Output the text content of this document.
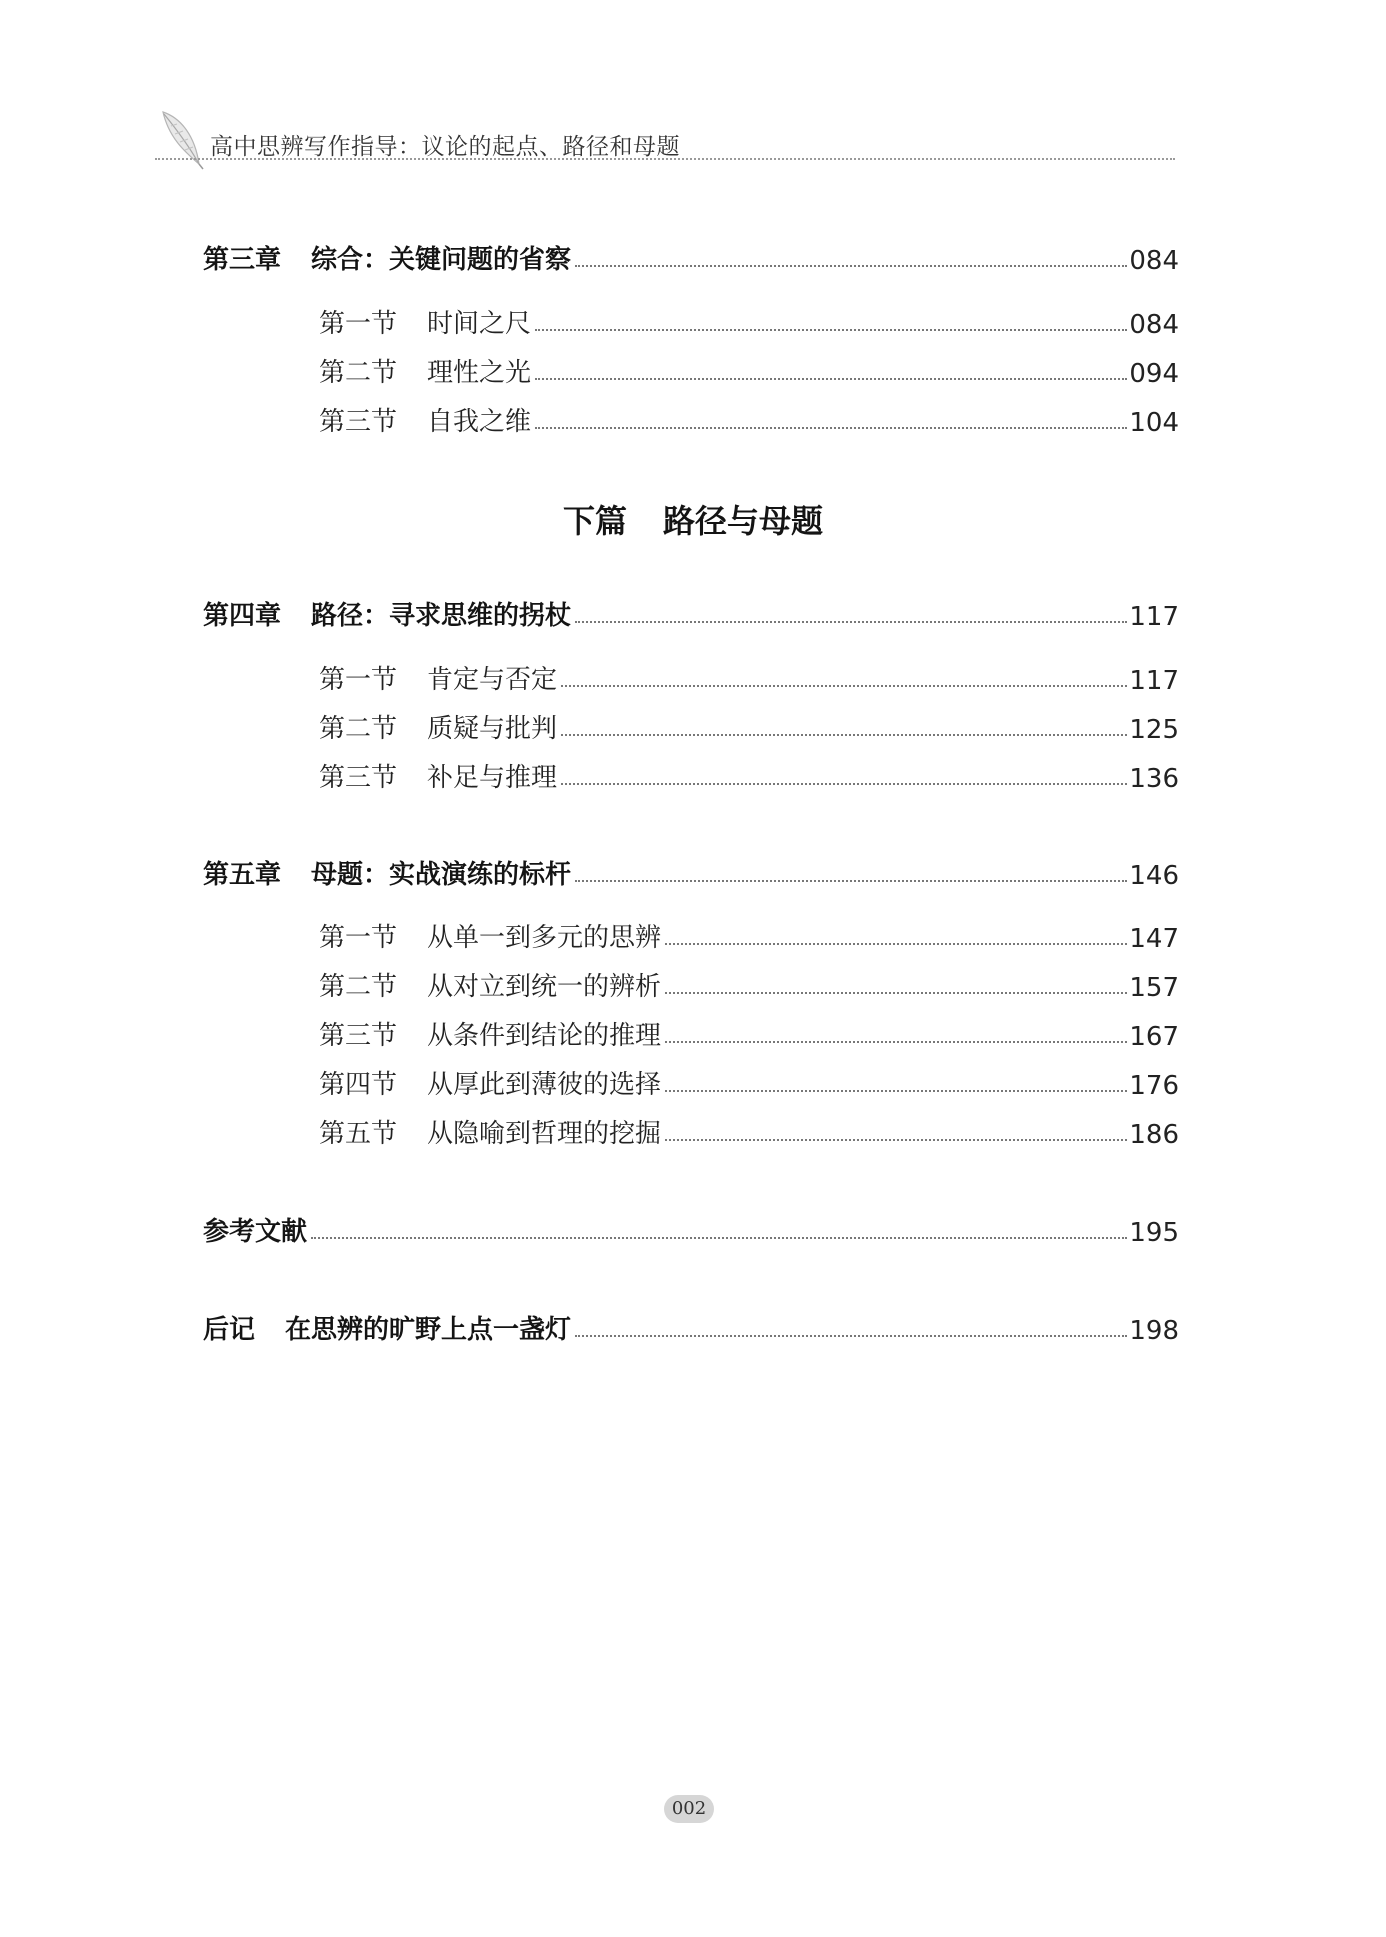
高中思辨写作指导：议论的起点、路径和母题
第三章 综合：关键问题的省察	084
第一节 时间之尺	084
第二节 理性之光	094
第三节 自我之维	104
下篇 路径与母题
第四章 路径：寻求思维的拐杖	117
第一节 肯定与否定	117
第二节 质疑与批判	125
第三节 补足与推理	136
第五章 母题：实战演练的标杆	146
第一节 从单一到多元的思辨	147
第二节 从对立到统一的辨析	157
第三节 从条件到结论的推理	167
第四节 从厚此到薄彼的选择	176
第五节 从隐喻到哲理的挖掘	186
参考文献	195
后记 在思辨的旷野上点一盏灯	198
002
